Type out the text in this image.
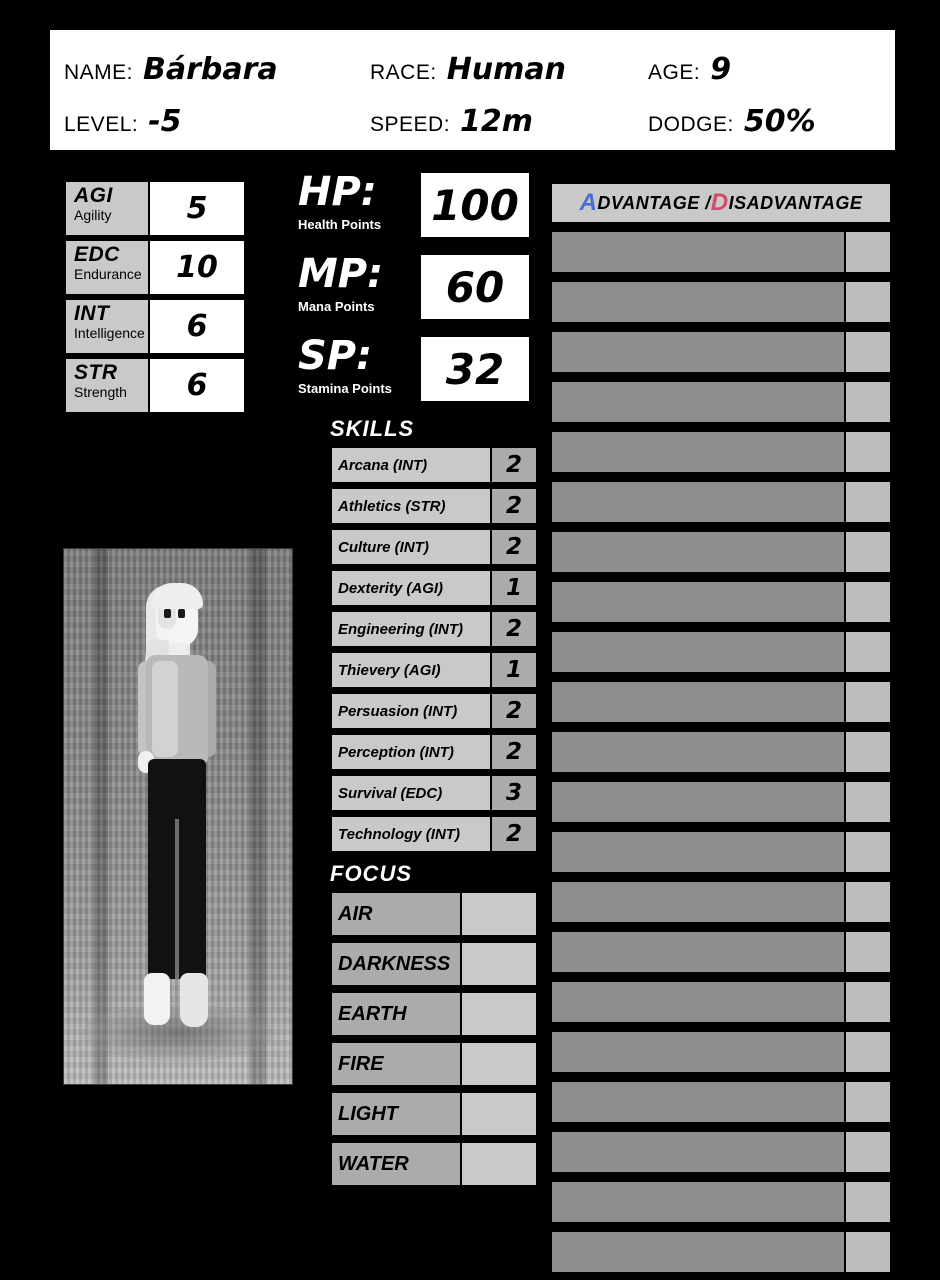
NAME: Bárbara	RACE: Human	AGE: 9
LEVEL: -5	SPEED: 12m	DODGE: 50%
AGI
Agility	5
EDC
Endurance	10
INT
Intelligence	6
STR
Strength	6
HP:
Health Points	100
MP:
Mana Points	60
SP:
Stamina Points	32
SKILLS
Arcana (INT)	2
Athletics (STR)	2
Culture (INT)	2
Dexterity (AGI)	1
Engineering (INT)	2
Thievery (AGI)	1
Persuasion (INT)	2
Perception (INT)	2
Survival (EDC)	3
Technology (INT)	2
FOCUS
AIR
DARKNESS
EARTH
FIRE
LIGHT
WATER
A DVANTAGE / D ISADVANTAGE
